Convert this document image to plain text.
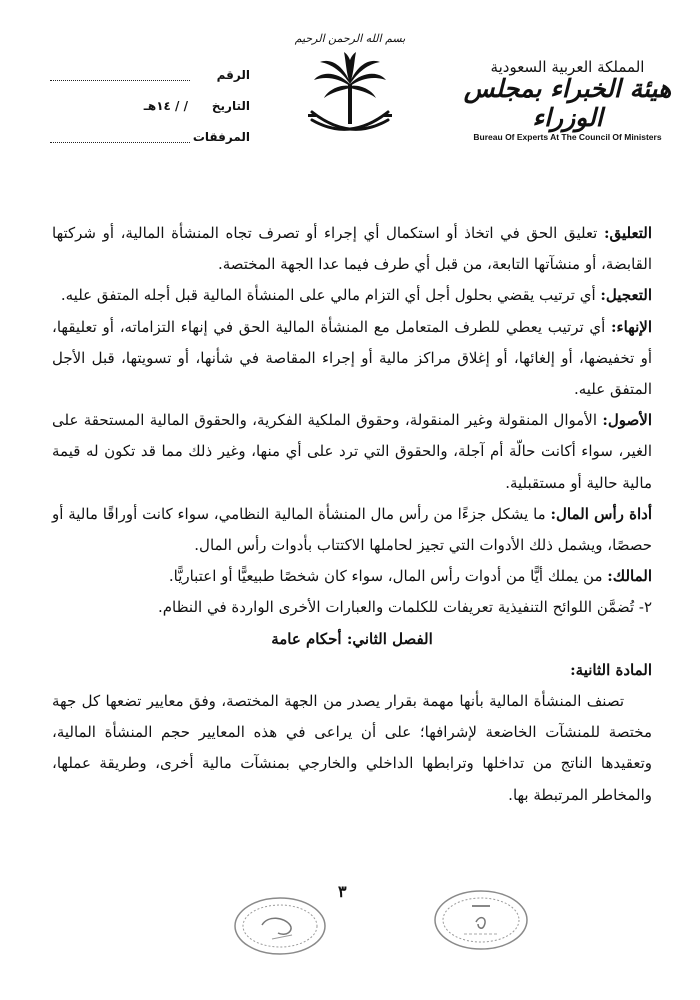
المملكة العربية السعودية
هيئة الخبراء بمجلس الوزراء
Bureau Of Experts At The Council Of Ministers
بسم الله الرحمن الرحيم
الرقم
التاريخ
/ / ١٤هـ
المرفقات

التعليق: تعليق الحق في اتخاذ أو استكمال أي إجراء أو تصرف تجاه المنشأة المالية، أو شركتها القابضة، أو منشآتها التابعة، من قبل أي طرف فيما عدا الجهة المختصة.

التعجيل: أي ترتيب يقضي بحلول أجل أي التزام مالي على المنشأة المالية قبل أجله المتفق عليه.

الإنهاء: أي ترتيب يعطي للطرف المتعامل مع المنشأة المالية الحق في إنهاء التزاماته، أو تعليقها، أو تخفيضها، أو إلغائها، أو إغلاق مراكز مالية أو إجراء المقاصة في شأنها، أو تسويتها، قبل الأجل المتفق عليه.

الأصول: الأموال المنقولة وغير المنقولة، وحقوق الملكية الفكرية، والحقوق المالية المستحقة على الغير، سواء أكانت حالّة أم آجلة، والحقوق التي ترد على أي منها، وغير ذلك مما قد تكون له قيمة مالية حالية أو مستقبلية.

أداة رأس المال: ما يشكل جزءًا من رأس مال المنشأة المالية النظامي، سواء كانت أوراقًا مالية أو حصصًا، ويشمل ذلك الأدوات التي تجيز لحاملها الاكتتاب بأدوات رأس المال.

المالك: من يملك أيًّا من أدوات رأس المال، سواء كان شخصًا طبيعيًّا أو اعتباريًّا.

٢- تُضمَّن اللوائح التنفيذية تعريفات للكلمات والعبارات الأخرى الواردة في النظام.

الفصل الثاني: أحكام عامة

المادة الثانية:

تصنف المنشأة المالية بأنها مهمة بقرار يصدر من الجهة المختصة، وفق معايير تضعها كل جهة مختصة للمنشآت الخاضعة لإشرافها؛ على أن يراعى في هذه المعايير حجم المنشأة المالية، وتعقيدها الناتج من تداخلها وترابطها الداخلي والخارجي بمنشآت مالية أخرى، وطريقة عملها، والمخاطر المرتبطة بها.

٣
